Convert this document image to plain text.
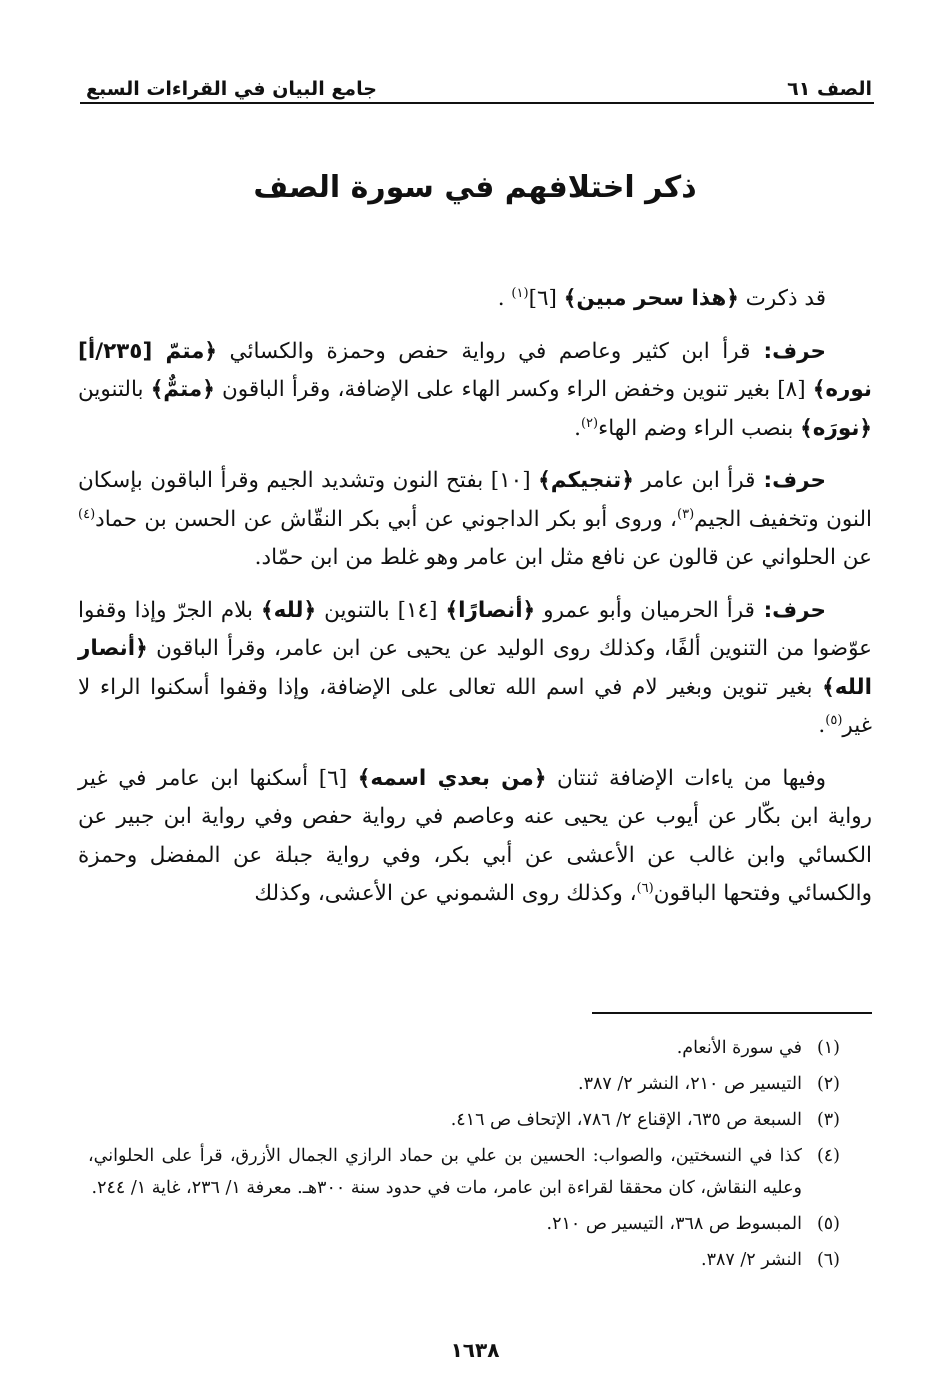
الصف ٦١
جامع البيان في القراءات السبع
ذكر اختلافهم في سورة الصف

قد ذكرت ﴿هذا سحر مبين﴾ [٦]$^{(١)}$ .

حرف: قرأ ابن كثير وعاصم في رواية حفص وحمزة والكسائي ﴿متمّ [٢٣٥/أ] نوره﴾ [٨] بغير تنوين وخفض الراء وكسر الهاء على الإضافة، وقرأ الباقون ﴿متمٌّ﴾ بالتنوين ﴿نورَه﴾ بنصب الراء وضم الهاء$^{(٢)}$.

حرف: قرأ ابن عامر ﴿تنجيكم﴾ [١٠] بفتح النون وتشديد الجيم وقرأ الباقون بإسكان النون وتخفيف الجيم$^{(٣)}$، وروى أبو بكر الداجوني عن أبي بكر النقّاش عن الحسن بن حماد$^{(٤)}$ عن الحلواني عن قالون عن نافع مثل ابن عامر وهو غلط من ابن حمّاد.

حرف: قرأ الحرميان وأبو عمرو ﴿أنصارًا﴾ [١٤] بالتنوين ﴿لله﴾ بلام الجرّ وإذا وقفوا عوّضوا من التنوين ألفًا، وكذلك روى الوليد عن يحيى عن ابن عامر، وقرأ الباقون ﴿أنصار الله﴾ بغير تنوين وبغير لام في اسم الله تعالى على الإضافة، وإذا وقفوا أسكنوا الراء لا غير$^{(٥)}$.

وفيها من ياءات الإضافة ثنتان ﴿من بعدي اسمه﴾ [٦] أسكنها ابن عامر في غير رواية ابن بكّار عن أيوب عن يحيى عنه وعاصم في رواية حفص وفي رواية ابن جبير عن الكسائي وابن غالب عن الأعشى عن أبي بكر، وفي رواية جبلة عن المفضل وحمزة والكسائي وفتحها الباقون$^{(٦)}$، وكذلك روى الشموني عن الأعشى، وكذلك

(١)
في سورة الأنعام.
(٢)
التيسير ص ٢١٠، النشر ٢/ ٣٨٧.
(٣)
السبعة ص ٦٣٥، الإقناع ٢/ ٧٨٦، الإتحاف ص ٤١٦.
(٤)
كذا في النسختين، والصواب: الحسين بن علي بن حماد الرازي الجمال الأزرق، قرأ على الحلواني، وعليه النقاش، كان محققا لقراءة ابن عامر، مات في حدود سنة ٣٠٠هـ. معرفة ١/ ٢٣٦، غاية ١/ ٢٤٤.
(٥)
المبسوط ص ٣٦٨، التيسير ص ٢١٠.
(٦)
النشر ٢/ ٣٨٧.
١٦٣٨
